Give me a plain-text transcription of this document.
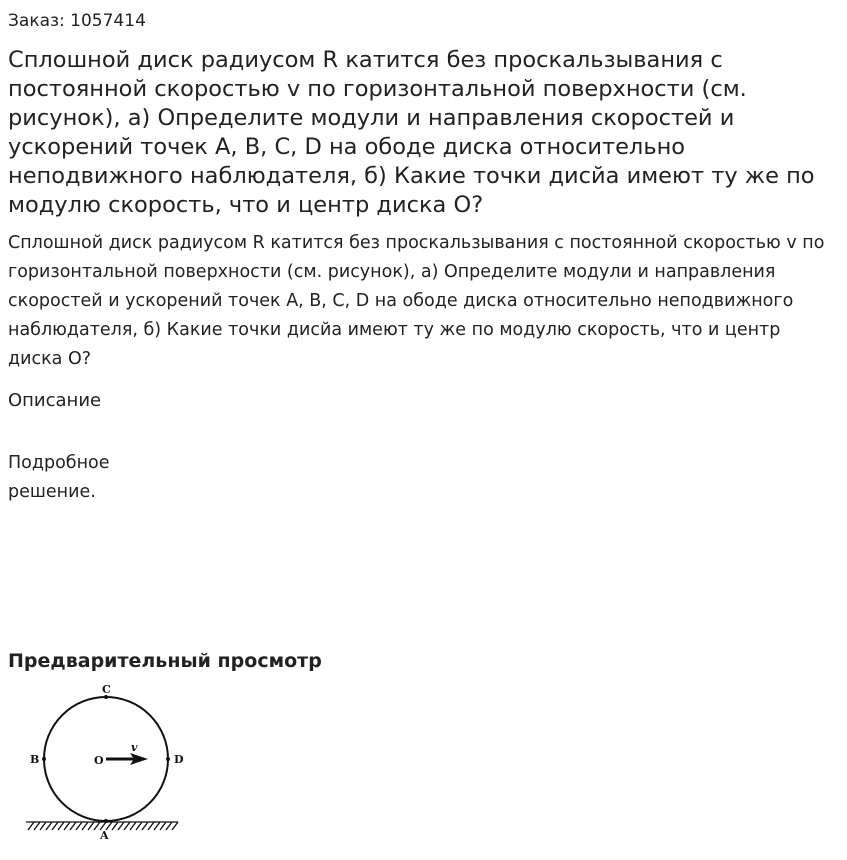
Заказ: 1057414
Сплошной диск радиусом R катится без проскальзывания с постоянной скоростью v по горизонтальной поверхности (см. рисунок), а) Определите модули и направления скоростей и ускорений точек A, B, C, D на ободе диска относительно неподвижного наблюдателя, б) Какие точки дисйа имеют ту же по модулю скорость, что и центр диска О?
Сплошной диск радиусом R катится без проскальзывания с постоянной скоростью v по горизонтальной поверхности (см. рисунок), а) Определите модули и направления скоростей и ускорений точек A, B, C, D на ободе диска относительно неподвижного наблюдателя, б) Какие точки дисйа имеют ту же по модулю скорость, что и центр диска О?
Описание
Подробное решение.
Предварительный просмотр
C
B	D
A
O
v
